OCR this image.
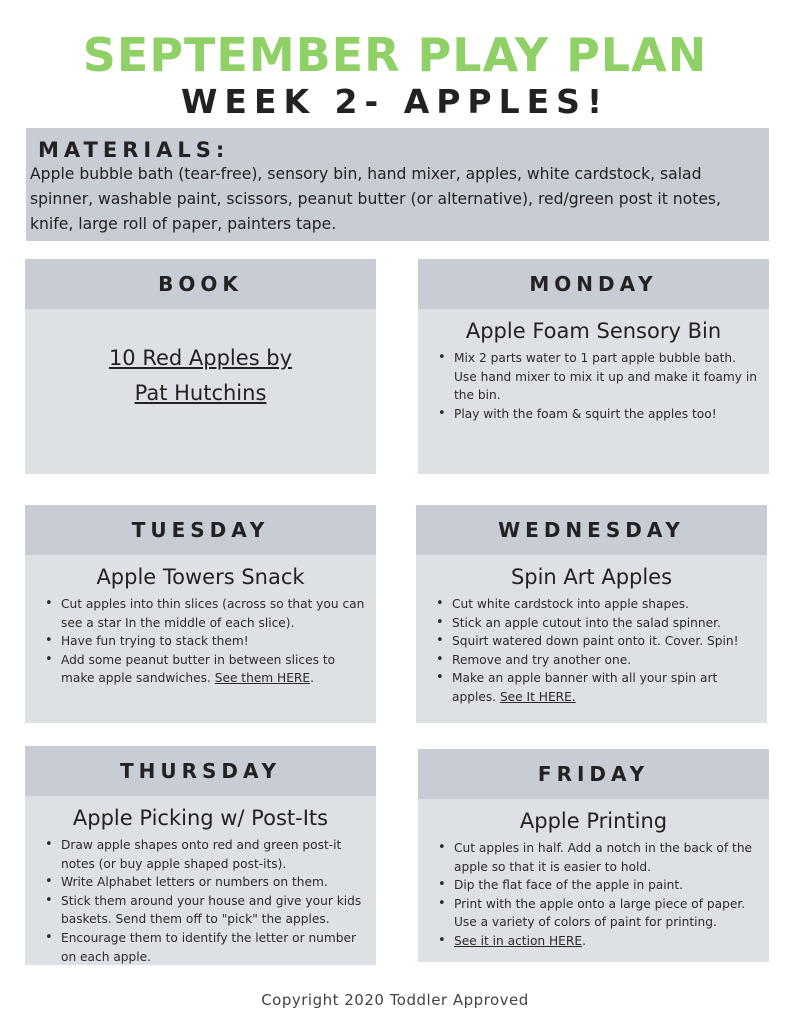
SEPTEMBER PLAY PLAN
WEEK 2- APPLES!
MATERIALS:
Apple bubble bath (tear-free), sensory bin, hand mixer, apples, white cardstock, salad spinner, washable paint, scissors, peanut butter (or alternative), red/green post it notes, knife, large roll of paper, painters tape.
BOOK
10 Red Apples by
Pat Hutchins
MONDAY
Apple Foam Sensory Bin
• Mix 2 parts water to 1 part apple bubble bath. Use hand mixer to mix it up and make it foamy in the bin.
• Play with the foam & squirt the apples too!
TUESDAY
Apple Towers Snack
• Cut apples into thin slices (across so that you can see a star In the middle of each slice).
• Have fun trying to stack them!
• Add some peanut butter in between slices to make apple sandwiches. See them HERE.
WEDNESDAY
Spin Art Apples
• Cut white cardstock into apple shapes.
• Stick an apple cutout into the salad spinner.
• Squirt watered down paint onto it. Cover. Spin!
• Remove and try another one.
• Make an apple banner with all your spin art apples. See It HERE.
THURSDAY
Apple Picking w/ Post-Its
• Draw apple shapes onto red and green post-it notes (or buy apple shaped post-its).
• Write Alphabet letters or numbers on them.
• Stick them around your house and give your kids baskets. Send them off to "pick" the apples.
• Encourage them to identify the letter or number on each apple.
FRIDAY
Apple Printing
• Cut apples in half. Add a notch in the back of the apple so that it is easier to hold.
• Dip the flat face of the apple in paint.
• Print with the apple onto a large piece of paper. Use a variety of colors of paint for printing.
• See it in action HERE.
Copyright 2020 Toddler Approved
